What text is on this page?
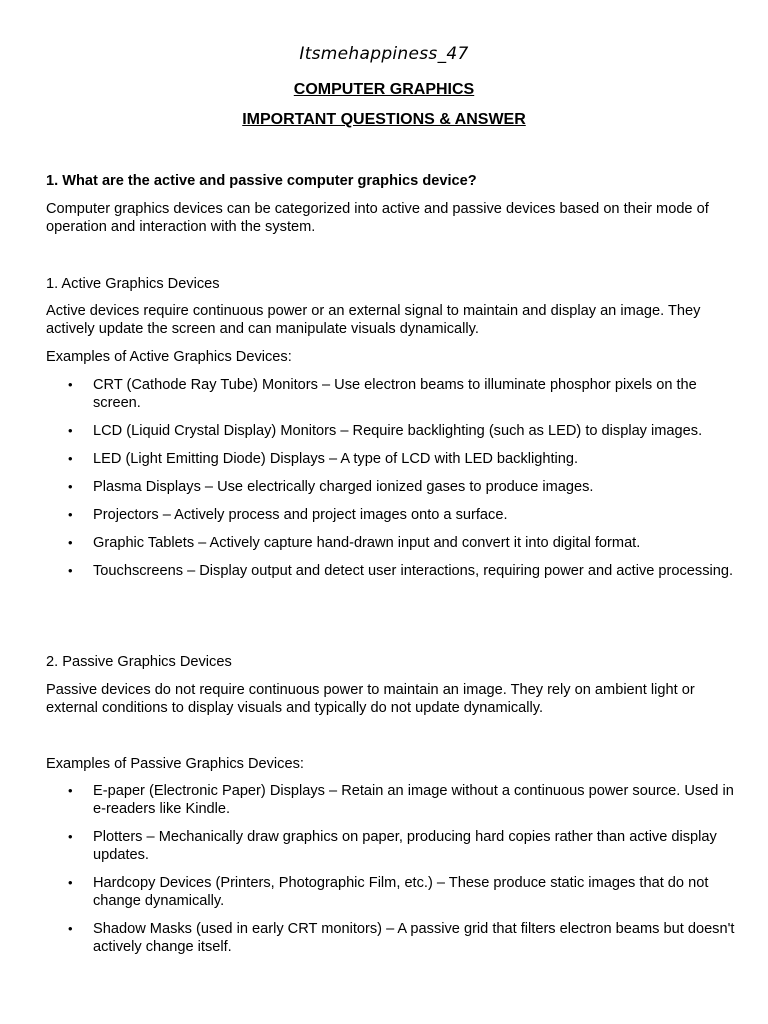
Itsmehappiness_47
COMPUTER GRAPHICS
IMPORTANT QUESTIONS & ANSWER
1. What are the active and passive computer graphics device?

Computer graphics devices can be categorized into active and passive devices based on their mode of operation and interaction with the system.

1. Active Graphics Devices

Active devices require continuous power or an external signal to maintain and display an image. They actively update the screen and can manipulate visuals dynamically.

Examples of Active Graphics Devices:
• CRT (Cathode Ray Tube) Monitors – Use electron beams to illuminate phosphor pixels on the screen.
• LCD (Liquid Crystal Display) Monitors – Require backlighting (such as LED) to display images.
• LED (Light Emitting Diode) Displays – A type of LCD with LED backlighting.
• Plasma Displays – Use electrically charged ionized gases to produce images.
• Projectors – Actively process and project images onto a surface.
• Graphic Tablets – Actively capture hand-drawn input and convert it into digital format.
• Touchscreens – Display output and detect user interactions, requiring power and active processing.
2. Passive Graphics Devices

Passive devices do not require continuous power to maintain an image. They rely on ambient light or external conditions to display visuals and typically do not update dynamically.

Examples of Passive Graphics Devices:
• E-paper (Electronic Paper) Displays – Retain an image without a continuous power source. Used in e-readers like Kindle.
• Plotters – Mechanically draw graphics on paper, producing hard copies rather than active display updates.
• Hardcopy Devices (Printers, Photographic Film, etc.) – These produce static images that do not change dynamically.
• Shadow Masks (used in early CRT monitors) – A passive grid that filters electron beams but doesn't actively change itself.
